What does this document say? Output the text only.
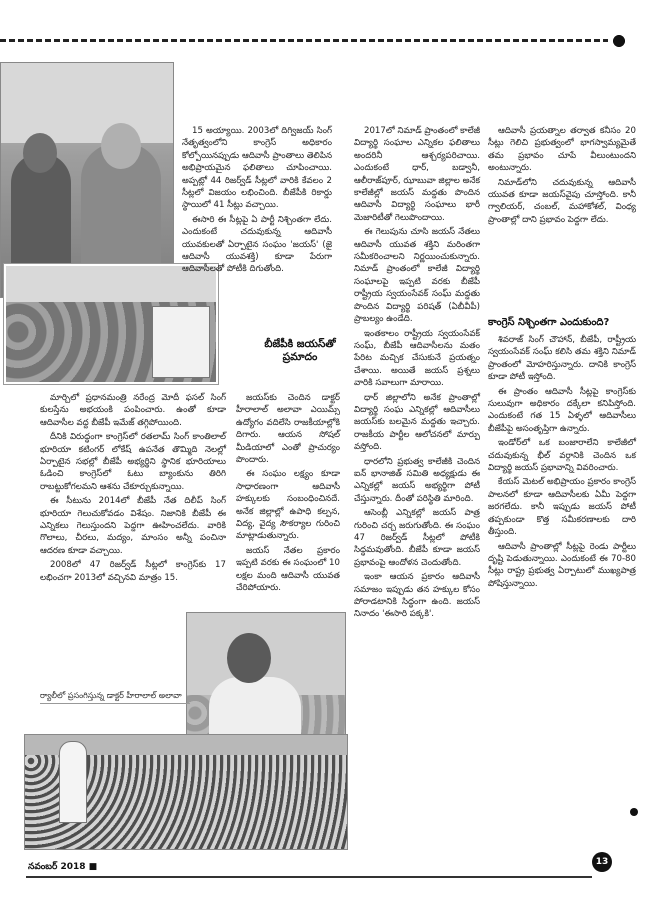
ర్యాలీలో ప్రసంగిస్తున్న డాక్టర్ హీరాలాల్ అలావా

15 అయ్యాయి. 2003లో దిగ్విజయ్ సింగ్ నేతృత్వంలోని కాంగ్రెస్ అధికారం కోల్పోయినప్పుడు ఆదివాసీ ప్రాంతాలు తెలిపిన అభిప్రాయమైన ఫలితాలు చూపించాయి. అప్పట్లో 44 రిజర్వ్‌డ్ సీట్లలో వారికి కేవలం 2 సీట్లలో విజయం లభించింది. బీజేపీకి రికార్డు స్థాయిలో 41 సీట్లు వచ్చాయి.

ఈసారి ఈ సీట్లపై ఏ పార్టీ నిశ్చింతగా లేదు. ఎందుకంటే చదువుకున్న ఆదివాసీ యువకులతో ఏర్పాటైన సంఘం 'జయస్' (జై ఆదివాసీ యువశక్తి) కూడా పేరుగా ఆదివాసీలతో పోటీకి దిగుతోంది.

బీజేపీకి జయస్‌తో ప్రమాదం

మార్చిలో ప్రధానమంత్రి నరేంద్ర మోదీ ఫసల్ సింగ్ కులస్తేను అభయంకి పంపించారు. ఉంతో కూడా ఆదివాసీల వద్ద బీజేపీ ఇమేజ్ తగ్గిపోయింది.

దీనికి విరుద్ధంగా కాంగ్రెస్‌లో రతలామ్ సింగ్ కాంతిలాల్ భూరియా కటింగర్ లోకేష్ ఉపనేత తొమ్మిది నెలల్లో ఏర్పాటైన సభల్లో బీజేపీ అభ్యర్థిని స్థానిక భూరియాలు ఓడించి కాంగ్రెస్‌లో ఓటు బ్యాంకును తిరిగి రాబట్టుకోగలమని ఆశను చేకూర్చుకున్నాయి.

ఈ సీటును 2014లో బీజేపీ నేత దిలీప్ సింగ్ భూరియా గెలుచుకోవడం విశేషం. నిజానికి బీజేపీ ఈ ఎన్నికలు గెలుస్తుందని పెద్దగా ఊహించలేదు. వారికి గొలాలు, చీరలు, మద్యం, మాంసం అన్నీ పంచినా ఆదరణ కూడా వచ్చాయి.

2008లో 47 రిజర్వ్‌డ్ సీట్లలో కాంగ్రెస్‌కు 17 లభించగా 2013లో వచ్చినవి మాత్రం 15.

జయస్‌కు చెందిన డాక్టర్ హీరాలాల్ అలావా ఎయిమ్స్ ఉద్యోగం వదిలేసి రాజకీయాల్లోకి దిగారు. ఆయన సోషల్ మీడియాలో ఎంతో ప్రాచుర్యం పొందారు.

ఈ సంఘం లక్ష్యం కూడా సాధారణంగా ఆదివాసీ హక్కులకు సంబంధించినదే. అనేక జిల్లాల్లో ఉపాధి కల్పన, విద్య, వైద్య సౌకర్యాల గురించి మాట్లాడుతున్నారు.

జయస్ నేతల ప్రకారం ఇప్పటి వరకు ఈ సంఘంలో 10 లక్షల మంది ఆదివాసీ యువత చేరిపోయారు.

2017లో నిమాడ్ ప్రాంతంలో కాలేజీ విద్యార్థి సంఘాల ఎన్నికల ఫలితాలు అందరినీ ఆశ్చర్యపరిచాయి. ఎందుకంటే ధార్, బడ్వానీ, ఆలీరాజ్‌పూర్, ఝాబువా జిల్లాల అనేక కాలేజీల్లో జయస్ మద్దతు పొందిన ఆదివాసీ విద్యార్థి సంఘాలు భారీ మెజారిటీతో గెలుపొందాయి.

ఈ గెలుపును చూసి జయస్ నేతలు ఆదివాసీ యువత శక్తిని మరింతగా సమీకరించాలని నిర్ణయించుకున్నారు. నిమాడ్ ప్రాంతంలో కాలేజీ విద్యార్థి సంఘాలపై ఇప్పటి వరకు బీజేపీ రాష్ట్రీయ స్వయంసేవక్ సంఘ్ మద్దతు పొందిన విద్యార్థి పరిషత్ (ఏబీవీపీ) ప్రాబల్యం ఉండేది.

ఇంతకాలం రాష్ట్రీయ స్వయంసేవక్ సంఘ్, బీజేపీ ఆదివాసీలను మతం పేరిట మచ్చిక చేసుకునే ప్రయత్నం చేశాయి. అయితే జయస్ ప్రశ్నలు వారికి సవాలుగా మారాయి.

ధార్ జిల్లాలోని అనేక ప్రాంతాల్లో విద్యార్థి సంఘ ఎన్నికల్లో ఆదివాసీలు జయస్‌కు బలమైన మద్దతు ఇచ్చారు. రాజకీయ పార్టీల ఆలోచనలో మార్పు వస్తోంది.

ధారలోని ప్రభుత్వ కాలేజీకి చెందిన ఐన్ భానాజిత్ సమితి అధ్యక్షుడు ఈ ఎన్నికల్లో జయస్ అభ్యర్థిగా పోటీ చేస్తున్నారు. దీంతో పరిస్థితి మారింది.

ఆసెంబ్లీ ఎన్నికల్లో జయస్ పాత్ర గురించి చర్చ జరుగుతోంది. ఈ సంఘం 47 రిజర్వ్‌డ్ సీట్లలో పోటీకి సిద్ధమవుతోంది. బీజేపీ కూడా జయస్ ప్రభావంపై ఆందోళన చెందుతోంది.

ఇంకా ఆయన ప్రకారం ఆదివాసీ సమాజం ఇప్పుడు తన హక్కుల కోసం పోరాడటానికి సిద్ధంగా ఉంది. జయస్ నినాదం 'ఈసారి పక్కకి'.

ఆదివాసీ ప్రయత్నాల తర్వాత కనీసం 20 సీట్లు గెలిచి ప్రభుత్వంలో భాగస్వామ్యమైతే తమ ప్రభావం చూపే వీలుంటుందని అంటున్నారు.

నిమాడ్‌లోని చదువుకున్న ఆదివాసీ యువత కూడా జయస్‌వైపు చూస్తోంది. కానీ గ్వాలియర్, చంబల్, మహాకోశల్, వింధ్య ప్రాంతాల్లో దాని ప్రభావం పెద్దగా లేదు.

కాంగ్రెస్ నిశ్చింతగా ఎందుకుంది?

శివరాజ్ సింగ్ చౌహాన్, బీజేపీ, రాష్ట్రీయ స్వయంసేవక్ సంఘ్ కలిసి తమ శక్తిని నిమాడ్ ప్రాంతంలో మోహరిస్తున్నారు. దానికి కాంగ్రెస్ కూడా పోటీ ఇస్తోంది.

ఈ ప్రాంతం ఆదివాసీ సీట్లపై కాంగ్రెస్‌కు సులువుగా అధికారం దక్కేలా కనిపిస్తోంది. ఎందుకంటే గత 15 ఏళ్ళలో ఆదివాసీలు బీజేపీపై అసంతృప్తిగా ఉన్నారు.

ఇండోర్‌లో ఒక బంజారాలేని కాలేజీలో చదువుకున్న భీల్ వర్గానికి చెందిన ఒక విద్యార్థి జయస్ ప్రభావాన్ని వివరించారు.

కేయస్ మెటల్ అభిప్రాయం ప్రకారం కాంగ్రెస్ పాలనలో కూడా ఆదివాసీలకు ఏమీ పెద్దగా జరగలేదు. కానీ ఇప్పుడు జయస్ పోటీ తప్పకుండా కొత్త సమీకరణాలకు దారి తీస్తుంది.

ఆదివాసీ ప్రాంతాల్లో సీట్లపై రెండు పార్టీలు దృష్టి పెడుతున్నాయి. ఎందుకంటే ఈ 70-80 సీట్లు రాష్ట్ర ప్రభుత్వ ఏర్పాటులో ముఖ్యపాత్ర పోషిస్తున్నాయి.

నవంబర్ 2018 ■	13
